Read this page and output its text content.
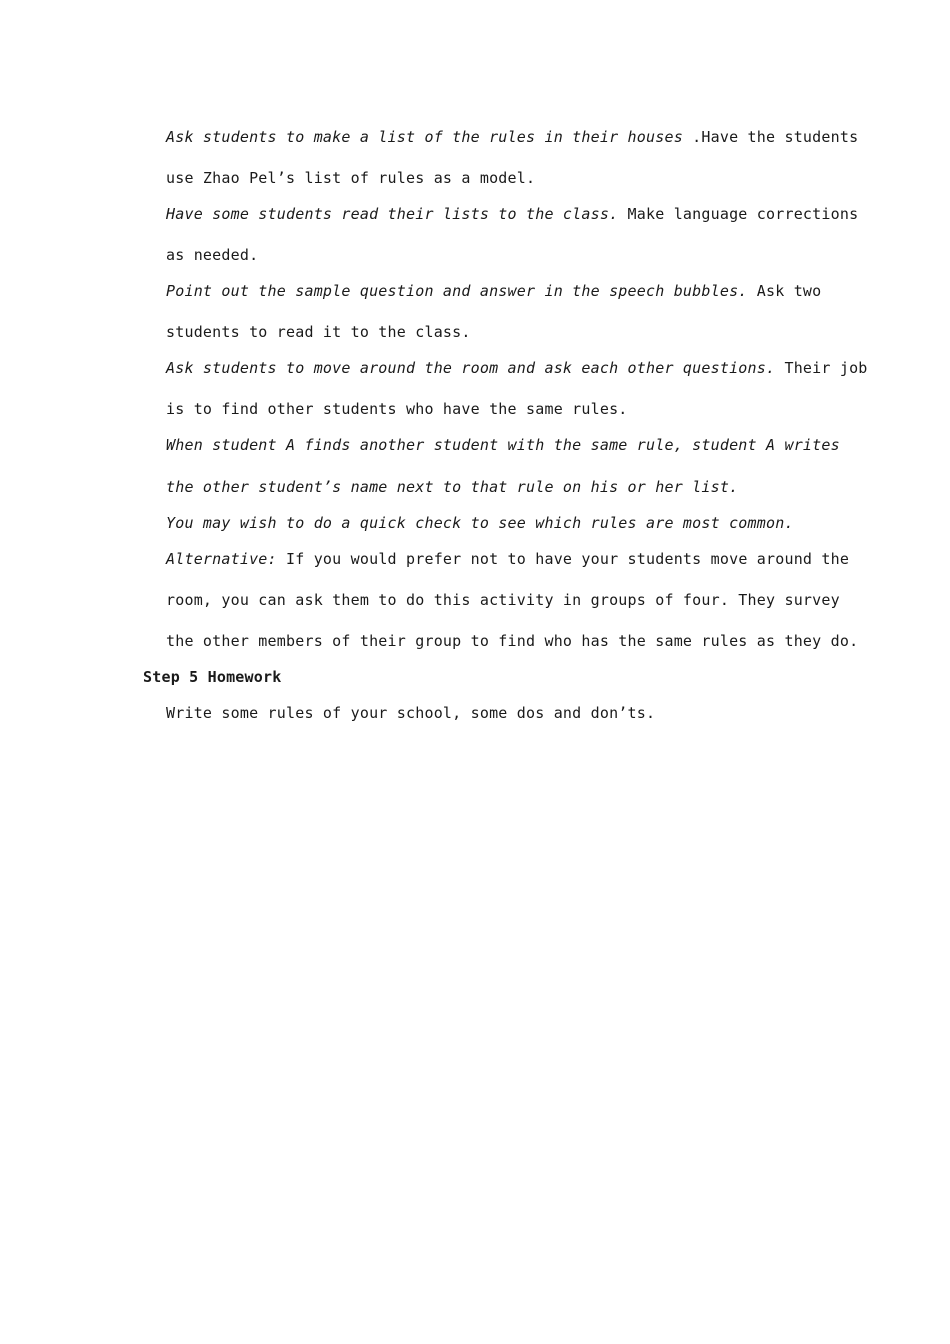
Ask students to make a list of the rules in their houses .Have the students
use Zhao Pel’s list of rules as a model.
Have some students read their lists to the class. Make language corrections
as needed.
Point out the sample question and answer in the speech bubbles. Ask two
students to read it to the class.
Ask students to move around the room and ask each other questions. Their job
is to find other students who have the same rules.
When student A finds another student with the same rule, student A writes
the other student’s name next to that rule on his or her list.
You may wish to do a quick check to see which rules are most common.
Alternative: If you would prefer not to have your students move around the
room, you can ask them to do this activity in groups of four. They survey
the other members of their group to find who has the same rules as they do.
Step 5 Homework
Write some rules of your school, some dos and don’ts.
